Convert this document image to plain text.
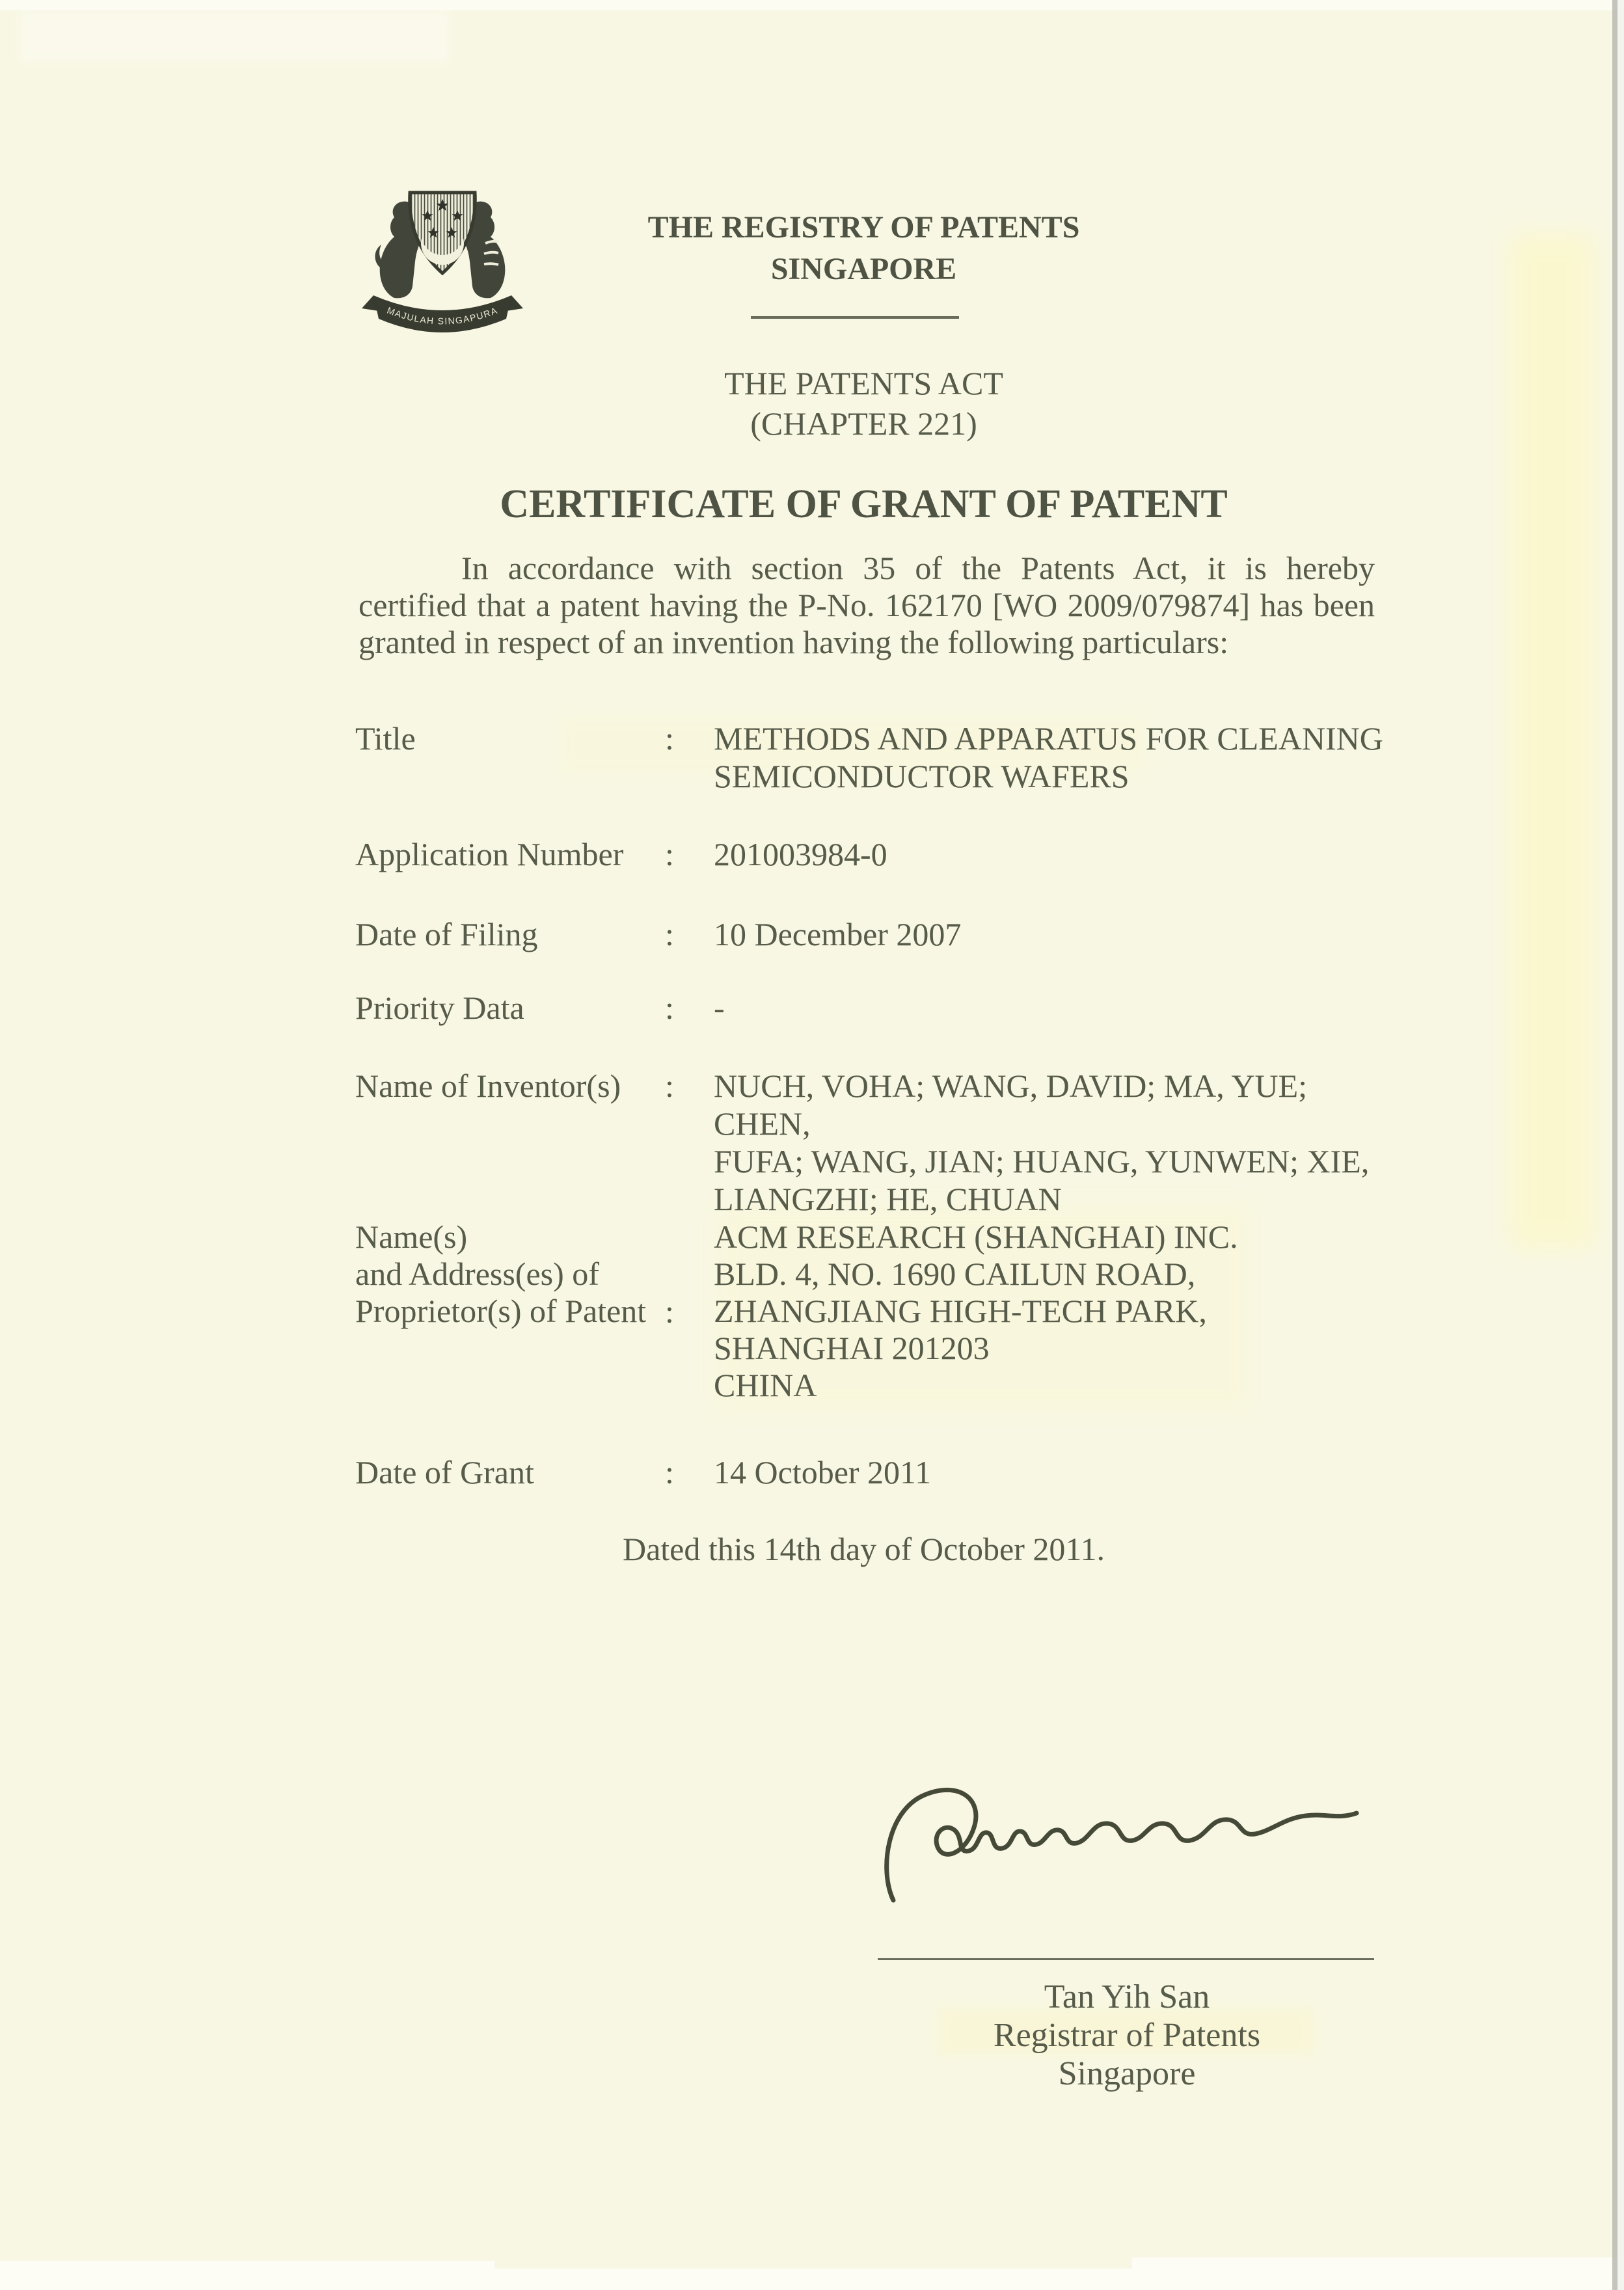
MAJULAH SINGAPURA
THE REGISTRY OF PATENTS
SINGAPORE
THE PATENTS ACT
(CHAPTER 221)
CERTIFICATE OF GRANT OF PATENT
In accordance with section 35 of the Patents Act, it is hereby
certified that a patent having the P-No. 162170 [WO 2009/079874] has been
granted in respect of an invention having the following particulars:
Title	: METHODS AND APPARATUS FOR CLEANING
SEMICONDUCTOR WAFERS
Application Number	: 201003984-0
Date of Filing	: 10 December 2007
Priority Data	: -
Name of Inventor(s)	: NUCH, VOHA; WANG, DAVID; MA, YUE; CHEN,
FUFA; WANG, JIAN; HUANG, YUNWEN; XIE,
LIANGZHI; HE, CHUAN
Name(s)
and Address(es) of
Proprietor(s) of Patent :
ACM RESEARCH (SHANGHAI) INC.
BLD. 4, NO. 1690 CAILUN ROAD,
ZHANGJIANG HIGH-TECH PARK,
SHANGHAI 201203
CHINA
Date of Grant	: 14 October 2011
Dated this 14th day of October 2011.
Tan Yih San
Registrar of Patents
Singapore
